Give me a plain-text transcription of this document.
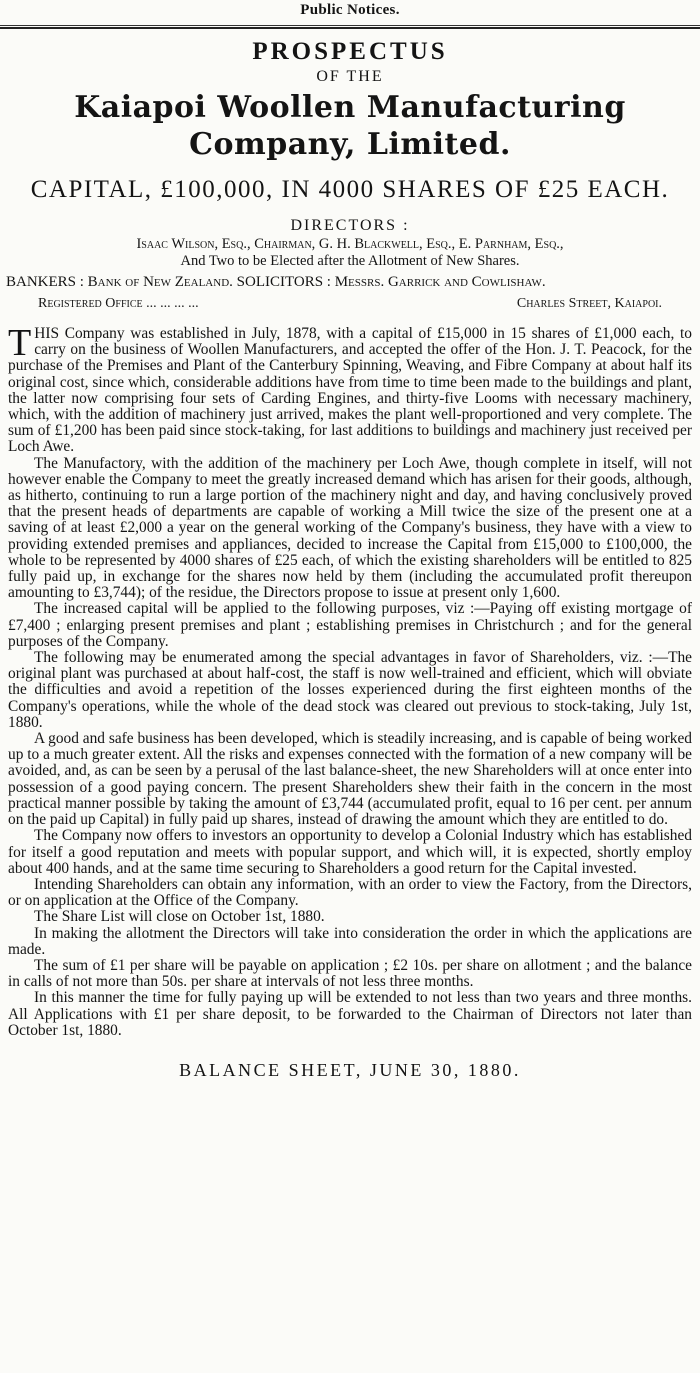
Public Notices.

PROSPECTUS

OF THE

Kaiapoi Woollen Manufacturing Company, Limited.

CAPITAL, £100,000, IN 4000 SHARES OF £25 EACH.

DIRECTORS :

Isaac Wilson, Esq., Chairman, G. H. Blackwell, Esq., E. Parnham, Esq.,

And Two to be Elected after the Allotment of New Shares.

BANKERS : Bank of New Zealand. SOLICITORS : Messrs. Garrick and Cowlishaw.

Registered Office ... ... ... ...	Charles Street, Kaiapoi.

THIS Company was established in July, 1878, with a capital of £15,000 in 15 shares of £1,000 each, to carry on the business of Woollen Manufacturers, and accepted the offer of the Hon. J. T. Peacock, for the purchase of the Premises and Plant of the Canterbury Spinning, Weaving, and Fibre Company at about half its original cost, since which, considerable additions have from time to time been made to the buildings and plant, the latter now comprising four sets of Carding Engines, and thirty-five Looms with necessary machinery, which, with the addition of machinery just arrived, makes the plant well-proportioned and very complete. The sum of £1,200 has been paid since stock-taking, for last additions to buildings and machinery just received per Loch Awe.

The Manufactory, with the addition of the machinery per Loch Awe, though complete in itself, will not however enable the Company to meet the greatly increased demand which has arisen for their goods, although, as hitherto, continuing to run a large portion of the machinery night and day, and having conclusively proved that the present heads of departments are capable of working a Mill twice the size of the present one at a saving of at least £2,000 a year on the general working of the Company's business, they have with a view to providing extended premises and appliances, decided to increase the Capital from £15,000 to £100,000, the whole to be represented by 4000 shares of £25 each, of which the existing shareholders will be entitled to 825 fully paid up, in exchange for the shares now held by them (including the accumulated profit thereupon amounting to £3,744); of the residue, the Directors propose to issue at present only 1,600.

The increased capital will be applied to the following purposes, viz :—Paying off existing mortgage of £7,400 ; enlarging present premises and plant ; establishing premises in Christchurch ; and for the general purposes of the Company.

The following may be enumerated among the special advantages in favor of Shareholders, viz. :—The original plant was purchased at about half-cost, the staff is now well-trained and efficient, which will obviate the difficulties and avoid a repetition of the losses experienced during the first eighteen months of the Company's operations, while the whole of the dead stock was cleared out previous to stock-taking, July 1st, 1880.

A good and safe business has been developed, which is steadily increasing, and is capable of being worked up to a much greater extent. All the risks and expenses connected with the formation of a new company will be avoided, and, as can be seen by a perusal of the last balance-sheet, the new Shareholders will at once enter into possession of a good paying concern. The present Shareholders shew their faith in the concern in the most practical manner possible by taking the amount of £3,744 (accumulated profit, equal to 16 per cent. per annum on the paid up Capital) in fully paid up shares, instead of drawing the amount which they are entitled to do.

The Company now offers to investors an opportunity to develop a Colonial Industry which has established for itself a good reputation and meets with popular support, and which will, it is expected, shortly employ about 400 hands, and at the same time securing to Shareholders a good return for the Capital invested.

Intending Shareholders can obtain any information, with an order to view the Factory, from the Directors, or on application at the Office of the Company.

The Share List will close on October 1st, 1880.

In making the allotment the Directors will take into consideration the order in which the applications are made.

The sum of £1 per share will be payable on application ; £2 10s. per share on allotment ; and the balance in calls of not more than 50s. per share at intervals of not less three months.

In this manner the time for fully paying up will be extended to not less than two years and three months. All Applications with £1 per share deposit, to be forwarded to the Chairman of Directors not later than October 1st, 1880.

BALANCE SHEET, JUNE 30, 1880.
